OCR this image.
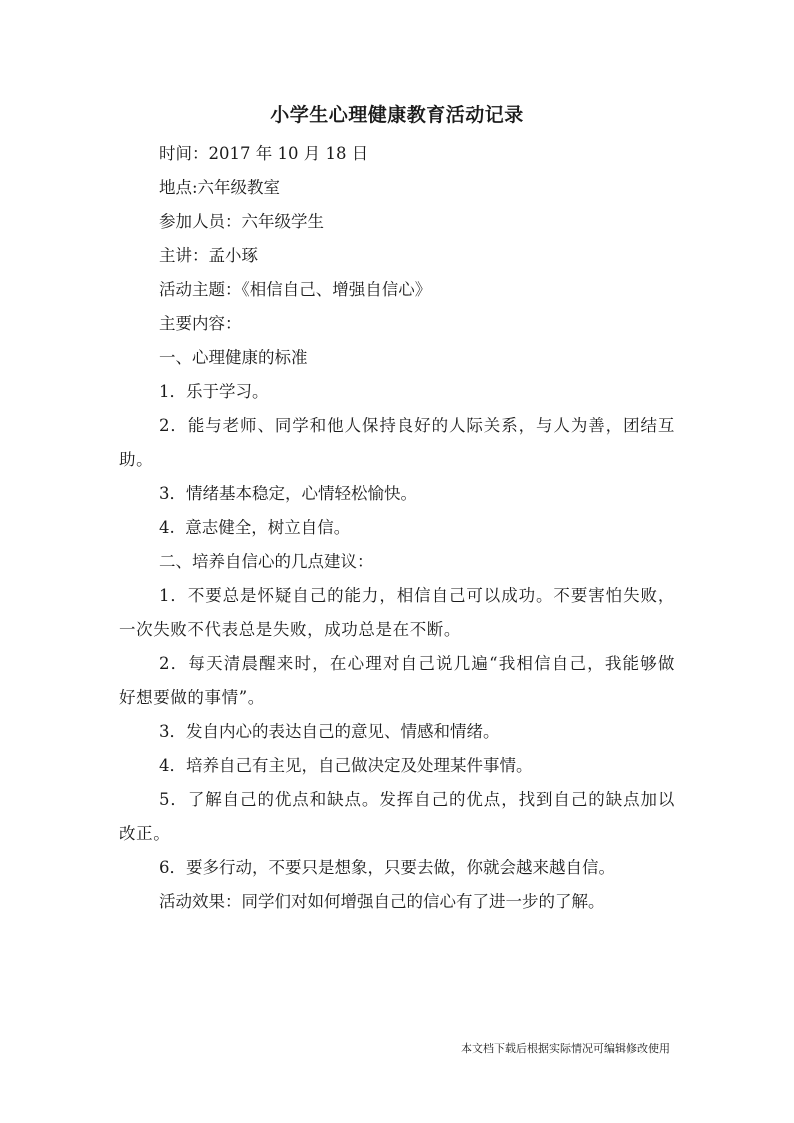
小学生心理健康教育活动记录

时间：2017 年 10 月 18 日

地点:六年级教室

参加人员：六年级学生

主讲：孟小琢

活动主题：《相信自己、增强自信心》

主要内容：

一、心理健康的标准

1．乐于学习。

2．能与老师、同学和他人保持良好的人际关系，与人为善，团结互助。

3．情绪基本稳定，心情轻松愉快。

4.  意志健全，树立自信。

二、培养自信心的几点建议：

1．不要总是怀疑自己的能力，相信自己可以成功。不要害怕失败，一次失败不代表总是失败，成功总是在不断。

2．每天清晨醒来时，在心理对自己说几遍“我相信自己，我能够做好想要做的事情”。

3．发自内心的表达自己的意见、情感和情绪。

4．培养自己有主见，自己做决定及处理某件事情。

5．了解自己的优点和缺点。发挥自己的优点，找到自己的缺点加以改正。

6．要多行动，不要只是想象，只要去做，你就会越来越自信。

活动效果：同学们对如何增强自己的信心有了进一步的了解。

本文档下载后根据实际情况可编辑修改使用
